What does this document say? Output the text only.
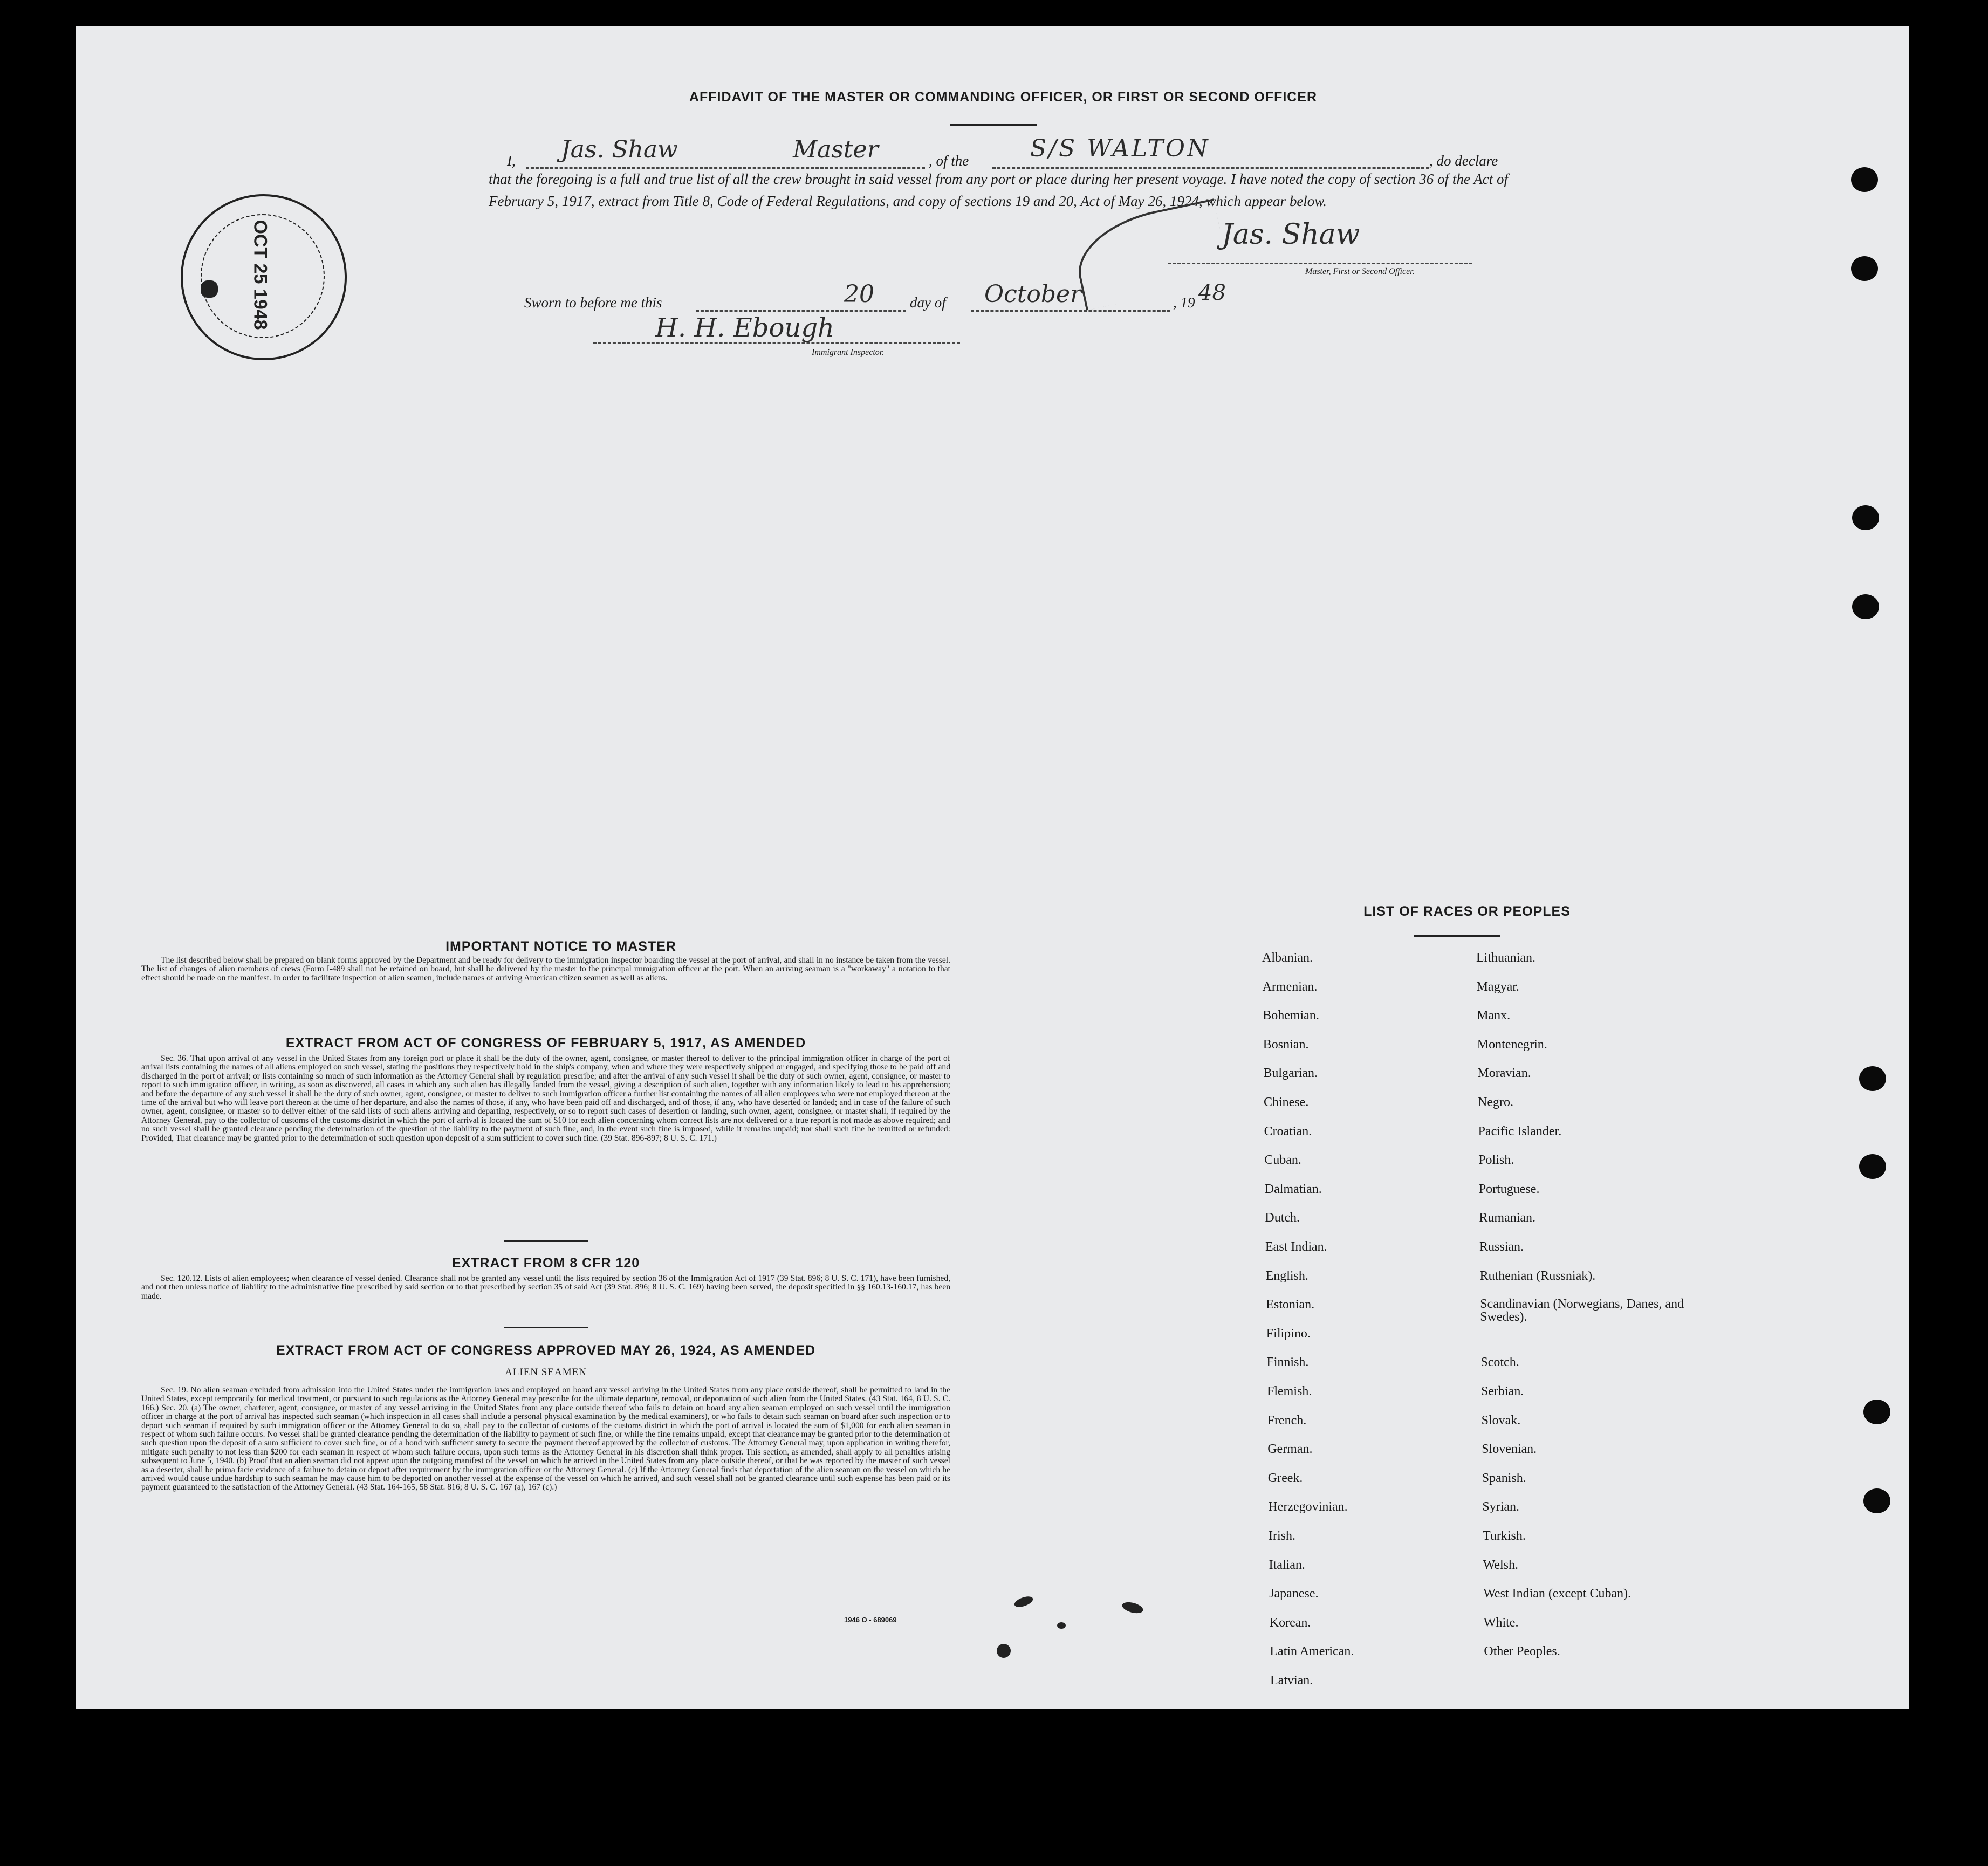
AFFIDAVIT OF THE MASTER OR COMMANDING OFFICER, OR FIRST OR SECOND OFFICER
I, Jas. Shaw	Master	, of the	S/S WALTON	, do declare
that the foregoing is a full and true list of all the crew brought in said vessel from any port or place during her present voyage. I have noted the copy of section 36 of the Act of February 5, 1917, extract from Title 8, Code of Federal Regulations, and copy of sections 19 and 20, Act of May 26, 1924, which appear below.
Jas. Shaw
Master, First or Second Officer.
Sworn to before me this	20 day of October	, 19 48
H. H. Ebough
Immigrant Inspector.
OCT 25 1948
IMPORTANT NOTICE TO MASTER
The list described below shall be prepared on blank forms approved by the Department and be ready for delivery to the immigration inspector boarding the vessel at the port of arrival, and shall in no instance be taken from the vessel. The list of changes of alien members of crews (Form I-489 shall not be retained on board, but shall be delivered by the master to the principal immigration officer at the port. When an arriving seaman is a "workaway" a notation to that effect should be made on the manifest. In order to facilitate inspection of alien seamen, include names of arriving American citizen seamen as well as aliens.
EXTRACT FROM ACT OF CONGRESS OF FEBRUARY 5, 1917, AS AMENDED
Sec. 36. That upon arrival of any vessel in the United States from any foreign port or place it shall be the duty of the owner, agent, consignee, or master thereof to deliver to the principal immigration officer in charge of the port of arrival lists containing the names of all aliens employed on such vessel, stating the positions they respectively hold in the ship's company, when and where they were respectively shipped or engaged, and specifying those to be paid off and discharged in the port of arrival; or lists containing so much of such information as the Attorney General shall by regulation prescribe; and after the arrival of any such vessel it shall be the duty of such owner, agent, consignee, or master to report to such immigration officer, in writing, as soon as discovered, all cases in which any such alien has illegally landed from the vessel, giving a description of such alien, together with any information likely to lead to his apprehension; and before the departure of any such vessel it shall be the duty of such owner, agent, consignee, or master to deliver to such immigration officer a further list containing the names of all alien employees who were not employed thereon at the time of the arrival but who will leave port thereon at the time of her departure, and also the names of those, if any, who have been paid off and discharged, and of those, if any, who have deserted or landed; and in case of the failure of such owner, agent, consignee, or master so to deliver either of the said lists of such aliens arriving and departing, respectively, or so to report such cases of desertion or landing, such owner, agent, consignee, or master shall, if required by the Attorney General, pay to the collector of customs of the customs district in which the port of arrival is located the sum of $10 for each alien concerning whom correct lists are not delivered or a true report is not made as above required; and no such vessel shall be granted clearance pending the determination of the question of the liability to the payment of such fine, and, in the event such fine is imposed, while it remains unpaid; nor shall such fine be remitted or refunded: Provided, That clearance may be granted prior to the determination of such question upon deposit of a sum sufficient to cover such fine. (39 Stat. 896-897; 8 U. S. C. 171.)
EXTRACT FROM 8 CFR 120
Sec. 120.12. Lists of alien employees; when clearance of vessel denied. Clearance shall not be granted any vessel until the lists required by section 36 of the Immigration Act of 1917 (39 Stat. 896; 8 U. S. C. 171), have been furnished, and not then unless notice of liability to the administrative fine prescribed by said section or to that prescribed by section 35 of said Act (39 Stat. 896; 8 U. S. C. 169) having been served, the deposit specified in §§ 160.13-160.17, has been made.
EXTRACT FROM ACT OF CONGRESS APPROVED MAY 26, 1924, AS AMENDED
ALIEN SEAMEN
Sec. 19. No alien seaman excluded from admission into the United States under the immigration laws and employed on board any vessel arriving in the United States from any place outside thereof, shall be permitted to land in the United States, except temporarily for medical treatment, or pursuant to such regulations as the Attorney General may prescribe for the ultimate departure, removal, or deportation of such alien from the United States. (43 Stat. 164, 8 U. S. C. 166.) Sec. 20. (a) The owner, charterer, agent, consignee, or master of any vessel arriving in the United States from any place outside thereof who fails to detain on board any alien seaman employed on such vessel until the immigration officer in charge at the port of arrival has inspected such seaman (which inspection in all cases shall include a personal physical examination by the medical examiners), or who fails to detain such seaman on board after such inspection or to deport such seaman if required by such immigration officer or the Attorney General to do so, shall pay to the collector of customs of the customs district in which the port of arrival is located the sum of $1,000 for each alien seaman in respect of whom such failure occurs. No vessel shall be granted clearance pending the determination of the liability to payment of such fine, or while the fine remains unpaid, except that clearance may be granted prior to the determination of such question upon the deposit of a sum sufficient to cover such fine, or of a bond with sufficient surety to secure the payment thereof approved by the collector of customs. The Attorney General may, upon application in writing therefor, mitigate such penalty to not less than $200 for each seaman in respect of whom such failure occurs, upon such terms as the Attorney General in his discretion shall think proper. This section, as amended, shall apply to all penalties arising subsequent to June 5, 1940. (b) Proof that an alien seaman did not appear upon the outgoing manifest of the vessel on which he arrived in the United States from any place outside thereof, or that he was reported by the master of such vessel as a deserter, shall be prima facie evidence of a failure to detain or deport after requirement by the immigration officer or the Attorney General. (c) If the Attorney General finds that deportation of the alien seaman on the vessel on which he arrived would cause undue hardship to such seaman he may cause him to be deported on another vessel at the expense of the vessel on which he arrived, and such vessel shall not be granted clearance until such expense has been paid or its payment guaranteed to the satisfaction of the Attorney General. (43 Stat. 164-165, 58 Stat. 816; 8 U. S. C. 167 (a), 167 (c).)
1946 O - 689069
LIST OF RACES OR PEOPLES
Albanian.
Armenian.
Bohemian.
Bosnian.
Bulgarian.
Chinese.
Croatian.
Cuban.
Dalmatian.
Dutch.
East Indian.
English.
Estonian.
Filipino.
Finnish.
Flemish.
French.
German.
Greek.
Herzegovinian.
Irish.
Italian.
Japanese.
Korean.
Latin American.
Latvian.
Lithuanian.
Magyar.
Manx.
Montenegrin.
Moravian.
Negro.
Pacific Islander.
Polish.
Portuguese.
Rumanian.
Russian.
Ruthenian (Russniak).
Scandinavian (Norwegians, Danes, and Swedes).
Scotch.
Serbian.
Slovak.
Slovenian.
Spanish.
Syrian.
Turkish.
Welsh.
West Indian (except Cuban).
White.
Other Peoples.
